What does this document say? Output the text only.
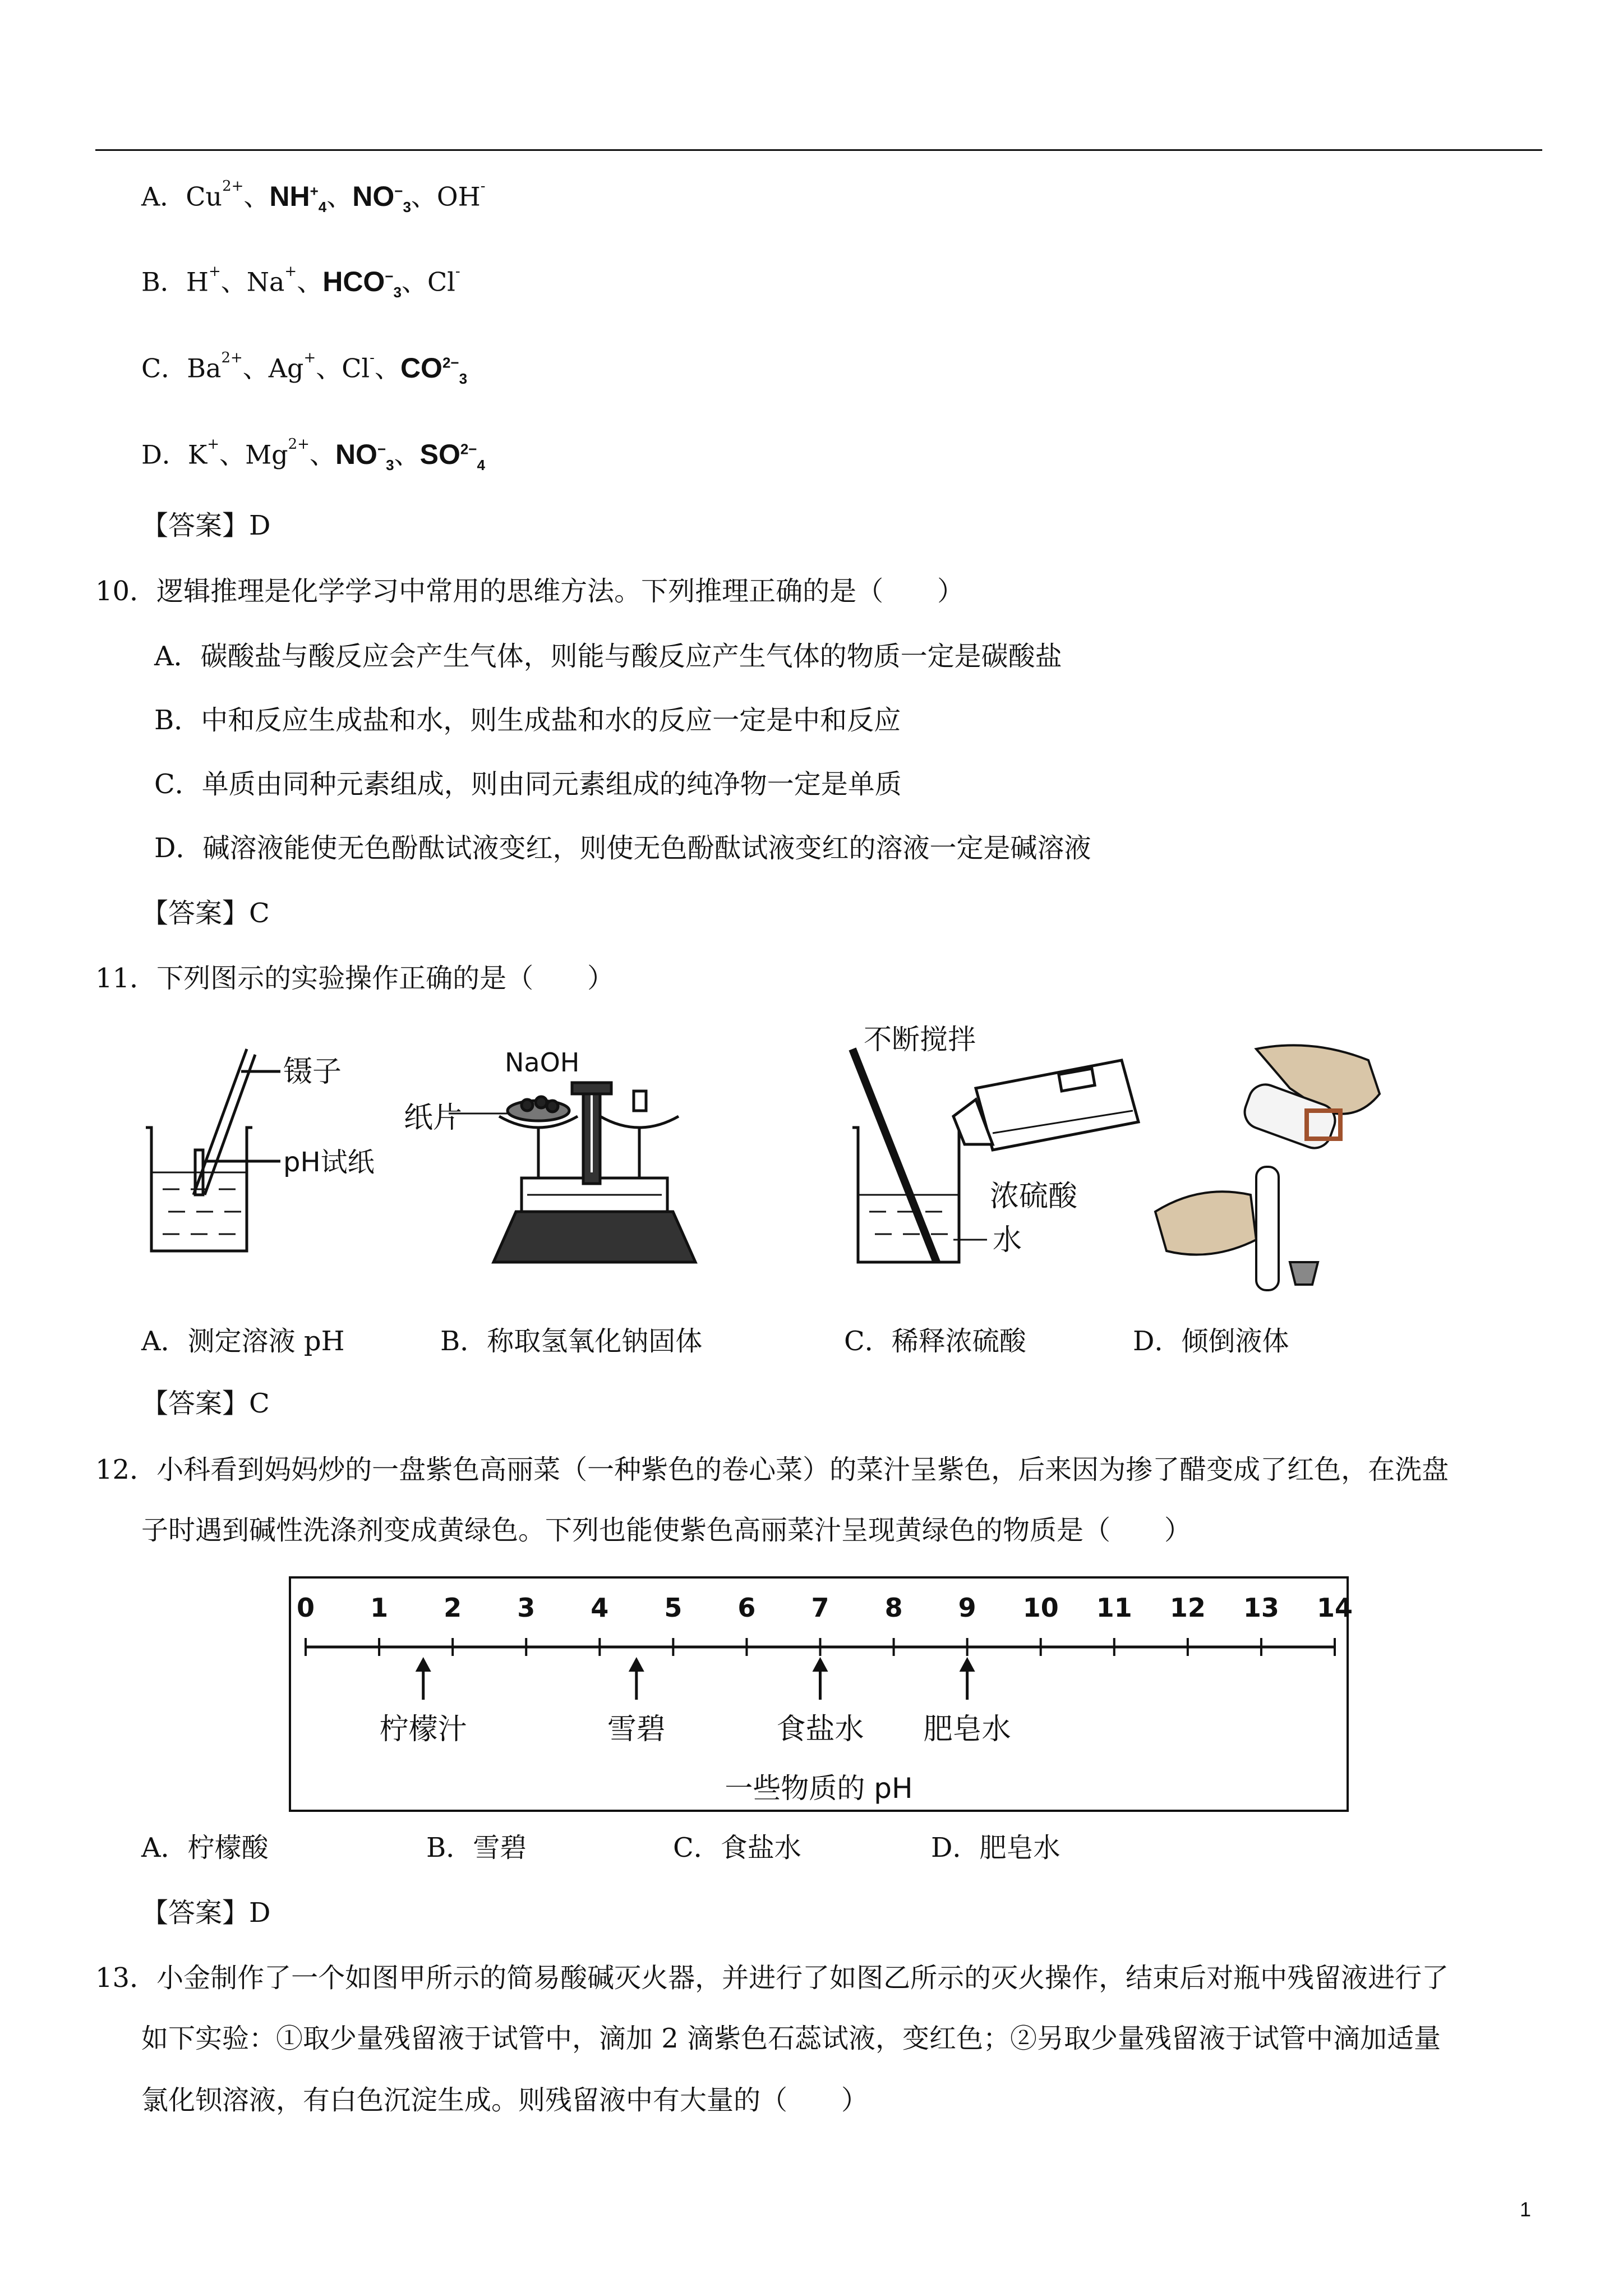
A．$Cu^{2+}$、$NH^+_4$、$NO^-_3$、OH-
B．H+、Na+、$HCO^-_3$、Cl-
C．$Ba^{2+}$、Ag+、Cl-、$CO^{2-}_3$
D．K+、$Mg^{2+}$、$NO^-_3$、$SO^{2-}_4$
【答案】D
10．逻辑推理是化学学习中常用的思维方法。下列推理正确的是（　　）
A．碳酸盐与酸反应会产生气体，则能与酸反应产生气体的物质一定是碳酸盐
B．中和反应生成盐和水，则生成盐和水的反应一定是中和反应
C．单质由同种元素组成，则由同元素组成的纯净物一定是单质
D．碱溶液能使无色酚酞试液变红，则使无色酚酞试液变红的溶液一定是碱溶液
【答案】C
11．下列图示的实验操作正确的是（　　）
镊子
pH试纸
NaOH
纸片
不断搅拌
浓硫酸
水
A．测定溶液 pH	B．称取氢氧化钠固体	C．稀释浓硫酸	D．倾倒液体
【答案】C
12．小科看到妈妈炒的一盘紫色高丽菜（一种紫色的卷心菜）的菜汁呈紫色，后来因为掺了醋变成了红色，在洗盘
子时遇到碱性洗涤剂变成黄绿色。下列也能使紫色高丽菜汁呈现黄绿色的物质是（　　）
0 1 2 3 4 5 6 7 8 9 10 11 12 13 14
柠檬汁	雪碧	食盐水 肥皂水
一些物质的 pH
A．柠檬酸	B．雪碧	C．食盐水	D．肥皂水
【答案】D
13．小金制作了一个如图甲所示的简易酸碱灭火器，并进行了如图乙所示的灭火操作，结束后对瓶中残留液进行了
如下实验：①取少量残留液于试管中，滴加 2 滴紫色石蕊试液，变红色；②另取少量残留液于试管中滴加适量
氯化钡溶液，有白色沉淀生成。则残留液中有大量的（　　）
1
